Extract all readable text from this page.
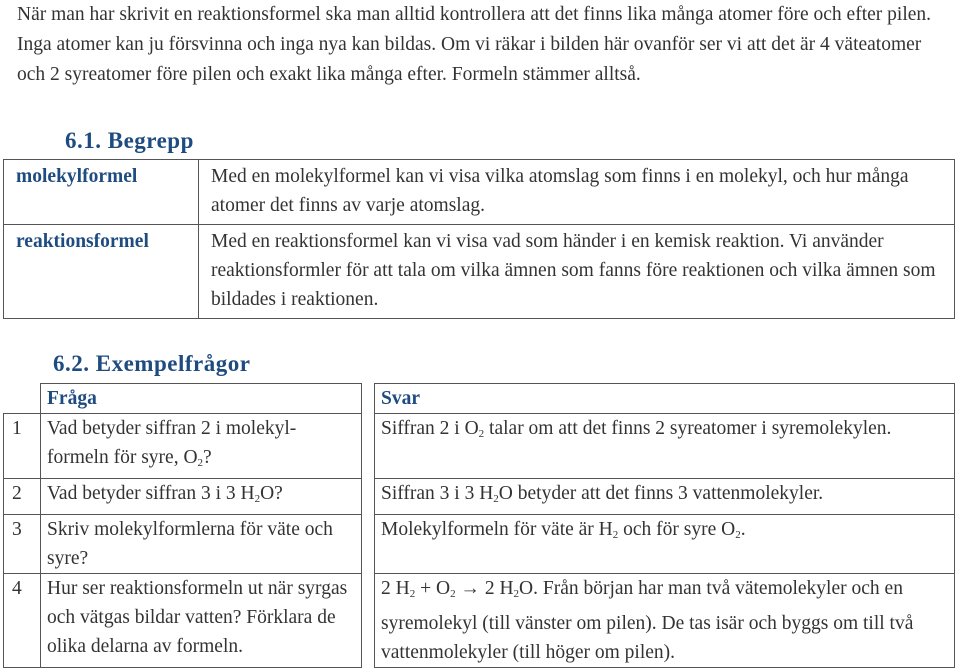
När man har skrivit en reaktionsformel ska man alltid kontrollera att det finns lika många atomer före och efter pilen. Inga atomer kan ju försvinna och inga nya kan bildas. Om vi räkar i bilden här ovanför ser vi att det är 4 väteatomer och 2 syreatomer före pilen och exakt lika många efter. Formeln stämmer alltså.

6.1. Begrepp
molekylformel	Med en molekylformel kan vi visa vilka atomslag som finns i en molekyl, och hur många atomer det finns av varje atomslag.
reaktionsformel	Med en reaktionsformel kan vi visa vad som händer i en kemisk reaktion. Vi använder reaktionsformler för att tala om vilka ämnen som fanns före reaktionen och vilka ämnen som bildades i reaktionen.
6.2. Exempelfrågor
	Fråga		Svar
1	Vad betyder siffran 2 i molekyl-formeln för syre, $O_2$?		Siffran 2 i $O_2$ talar om att det finns 2 syreatomer i syremolekylen.
2	Vad betyder siffran 3 i 3 $H_2O$?		Siffran 3 i 3 $H_2O$ betyder att det finns 3 vattenmolekyler.
3	Skriv molekylformlerna för väte och syre?		Molekylformeln för väte är $H_2$ och för syre $O_2$.
4	Hur ser reaktionsformeln ut när syrgas och vätgas bildar vatten? Förklara de olika delarna av formeln.		2 $H_2 + O_2 \to 2$ $H_2O$. Från början har man två vätemolekyler och en syremolekyl (till vänster om pilen). De tas isär och byggs om till två vattenmolekyler (till höger om pilen).
